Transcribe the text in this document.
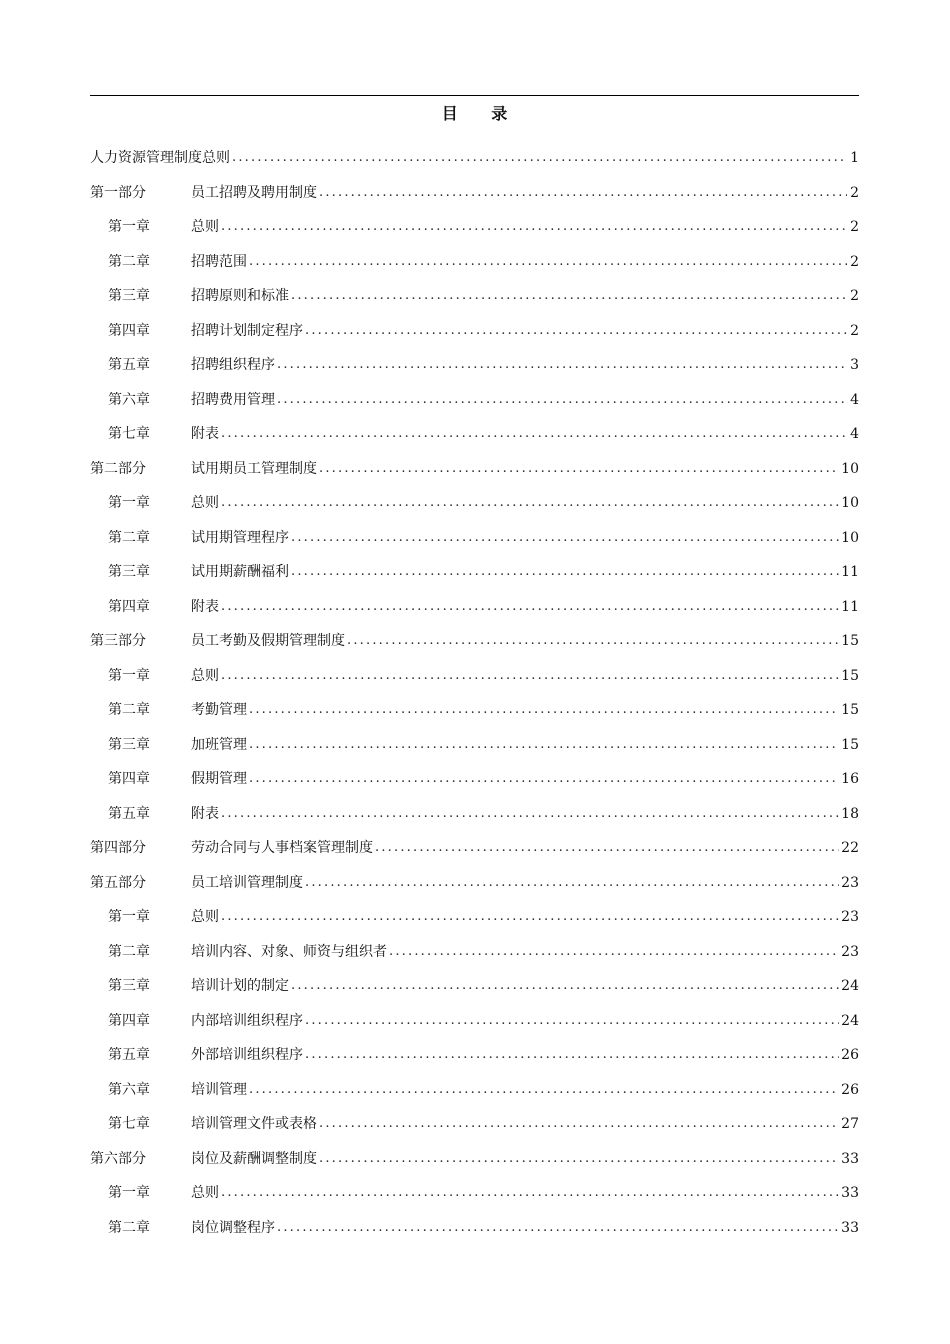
目 录
人力资源管理制度总则 .....	1
第一部分	员工招聘及聘用制度 .....	2
第一章	总则 .....	2
第二章	招聘范围 .....	2
第三章	招聘原则和标准 .....	2
第四章	招聘计划制定程序 .....	2
第五章	招聘组织程序 .....	3
第六章	招聘费用管理 .....	4
第七章	附表 .....	4
第二部分	试用期员工管理制度 .....	10
第一章	总则 .....	10
第二章	试用期管理程序 .....	10
第三章	试用期薪酬福利 .....	11
第四章	附表 .....	11
第三部分	员工考勤及假期管理制度 .....	15
第一章	总则 .....	15
第二章	考勤管理 .....	15
第三章	加班管理 .....	15
第四章	假期管理 .....	16
第五章	附表 .....	18
第四部分	劳动合同与人事档案管理制度 .....	22
第五部分	员工培训管理制度 .....	23
第一章	总则 .....	23
第二章	培训内容、对象、师资与组织者 .....	23
第三章	培训计划的制定 .....	24
第四章	内部培训组织程序 .....	24
第五章	外部培训组织程序 .....	26
第六章	培训管理 .....	26
第七章	培训管理文件或表格 .....	27
第六部分	岗位及薪酬调整制度 .....	33
第一章	总则 .....	33
第二章	岗位调整程序 .....	33
